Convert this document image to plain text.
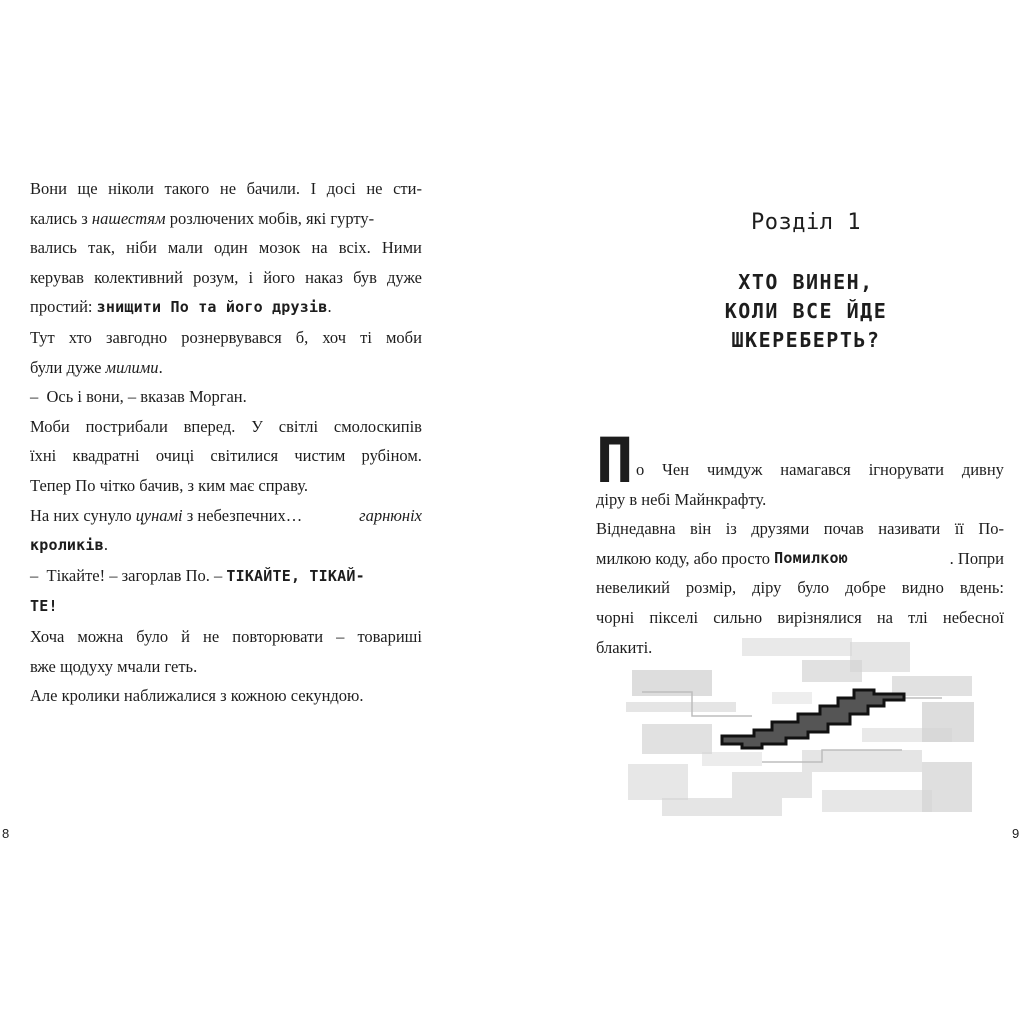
Вони ще ніколи такого не бачили. І досі не сти-
кались з нашестям розлючених мобів, які гурту-
вались так, ніби мали один мозок на всіх. Ними
керував колективний розум, і його наказ був дуже
простий: знищити По та його друзів.
Тут хто завгодно рознервувався б, хоч ті моби
були дуже милими.
–  Ось і вони, – вказав Морган.
Моби пострибали вперед. У світлі смолоскипів
їхні квадратні очиці світилися чистим рубіном.
Тепер По чітко бачив, з ким має справу.
На них сунуло цунамі з небезпечних…	гарнюніх
кроликів.
–  Тікайте! – загорлав По. – ТІКАЙТЕ, ТІКАЙ-
ТЕ!
Хоча можна було й не повторювати – товариші
вже щодуху мчали геть.
Але кролики наближалися з кожною секундою.
8
Розділ 1
ХТО ВИНЕН,
КОЛИ ВСЕ ЙДЕ
ШКЕРЕБЕРТЬ?
П о Чен чимдуж намагався ігнорувати дивну
діру в небі Майнкрафту.
Віднедавна він із друзями почав називати її По-
милкою коду, або просто Помилкою	. Попри
невеликий розмір, діру було добре видно вдень:
чорні пікселі сильно вирізнялися на тлі небесної
блакиті.
9
